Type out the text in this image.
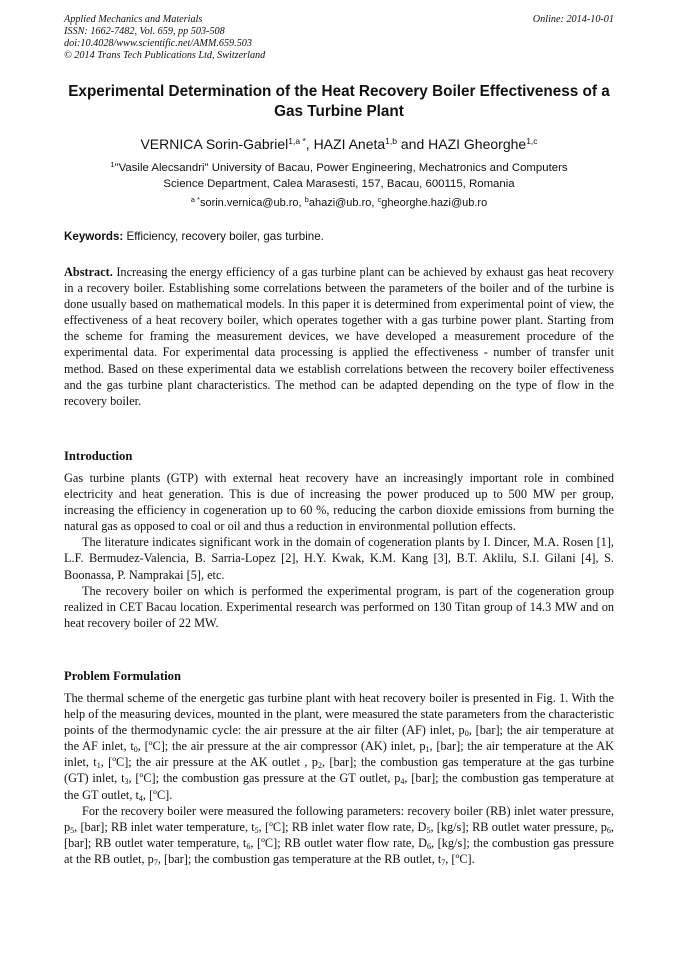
Applied Mechanics and Materials
ISSN: 1662-7482, Vol. 659, pp 503-508
doi:10.4028/www.scientific.net/AMM.659.503
© 2014 Trans Tech Publications Ltd, Switzerland
Online: 2014-10-01
Experimental Determination of the Heat Recovery Boiler Effectiveness of a Gas Turbine Plant
VERNICA Sorin-Gabriel$^{1,a *}$, HAZI Aneta$^{1,b}$ and HAZI Gheorghe$^{1,c}$
$^1$"Vasile Alecsandri" University of Bacau, Power Engineering, Mechatronics and Computers
Science Department, Calea Marasesti, 157, Bacau, 600115, Romania
$^{a *}$sorin.vernica@ub.ro, $^b$ahazi@ub.ro, $^c$gheorghe.hazi@ub.ro
Keywords: Efficiency, recovery boiler, gas turbine.
Abstract. Increasing the energy efficiency of a gas turbine plant can be achieved by exhaust gas heat recovery in a recovery boiler. Establishing some correlations between the parameters of the boiler and of the turbine is done usually based on mathematical models. In this paper it is determined from experimental point of view, the effectiveness of a heat recovery boiler, which operates together with a gas turbine power plant. Starting from the scheme for framing the measurement devices, we have developed a measurement procedure of the experimental data. For experimental data processing is applied the effectiveness - number of transfer unit method. Based on these experimental data we establish correlations between the recovery boiler effectiveness and the gas turbine plant characteristics. The method can be adapted depending on the type of flow in the recovery boiler.
Introduction

Gas turbine plants (GTP) with external heat recovery have an increasingly important role in combined electricity and heat generation. This is due of increasing the power produced up to 500 MW per group, increasing the efficiency in cogeneration up to 60 %, reducing the carbon dioxide emissions from burning the natural gas as opposed to coal or oil and thus a reduction in environmental pollution effects.

The literature indicates significant work in the domain of cogeneration plants by I. Dincer, M.A. Rosen [1], L.F. Bermudez-Valencia, B. Sarria-Lopez [2], H.Y. Kwak, K.M. Kang [3], B.T. Aklilu, S.I. Gilani [4], S. Boonassa, P. Namprakai [5], etc.

The recovery boiler on which is performed the experimental program, is part of the cogeneration group realized in CET Bacau location. Experimental research was performed on 130 Titan group of 14.3 MW and on heat recovery boiler of 22 MW.

Problem Formulation

The thermal scheme of the energetic gas turbine plant with heat recovery boiler is presented in Fig. 1. With the help of the measuring devices, mounted in the plant, were measured the state parameters from the characteristic points of the thermodynamic cycle: the air pressure at the air filter (AF) inlet, $p_0$, [bar]; the air temperature at the AF inlet, $t_0$, [ºC]; the air pressure at the air compressor (AK) inlet, $p_1$, [bar]; the air temperature at the AK inlet, $t_1$, [ºC]; the air pressure at the AK outlet , $p_2$, [bar]; the combustion gas temperature at the gas turbine (GT) inlet, $t_3$, [ºC]; the combustion gas pressure at the GT outlet, $p_4$, [bar]; the combustion gas temperature at the GT outlet, $t_4$, [ºC].

For the recovery boiler were measured the following parameters: recovery boiler (RB) inlet water pressure, $p_5$, [bar]; RB inlet water temperature, $t_5$, [ºC]; RB inlet water flow rate, $D_5$, [kg/s]; RB outlet water pressure, $p_6$, [bar]; RB outlet water temperature, $t_6$, [ºC]; RB outlet water flow rate, $D_6$, [kg/s]; the combustion gas pressure at the RB outlet, $p_7$, [bar]; the combustion gas temperature at the RB outlet, $t_7$, [ºC].
